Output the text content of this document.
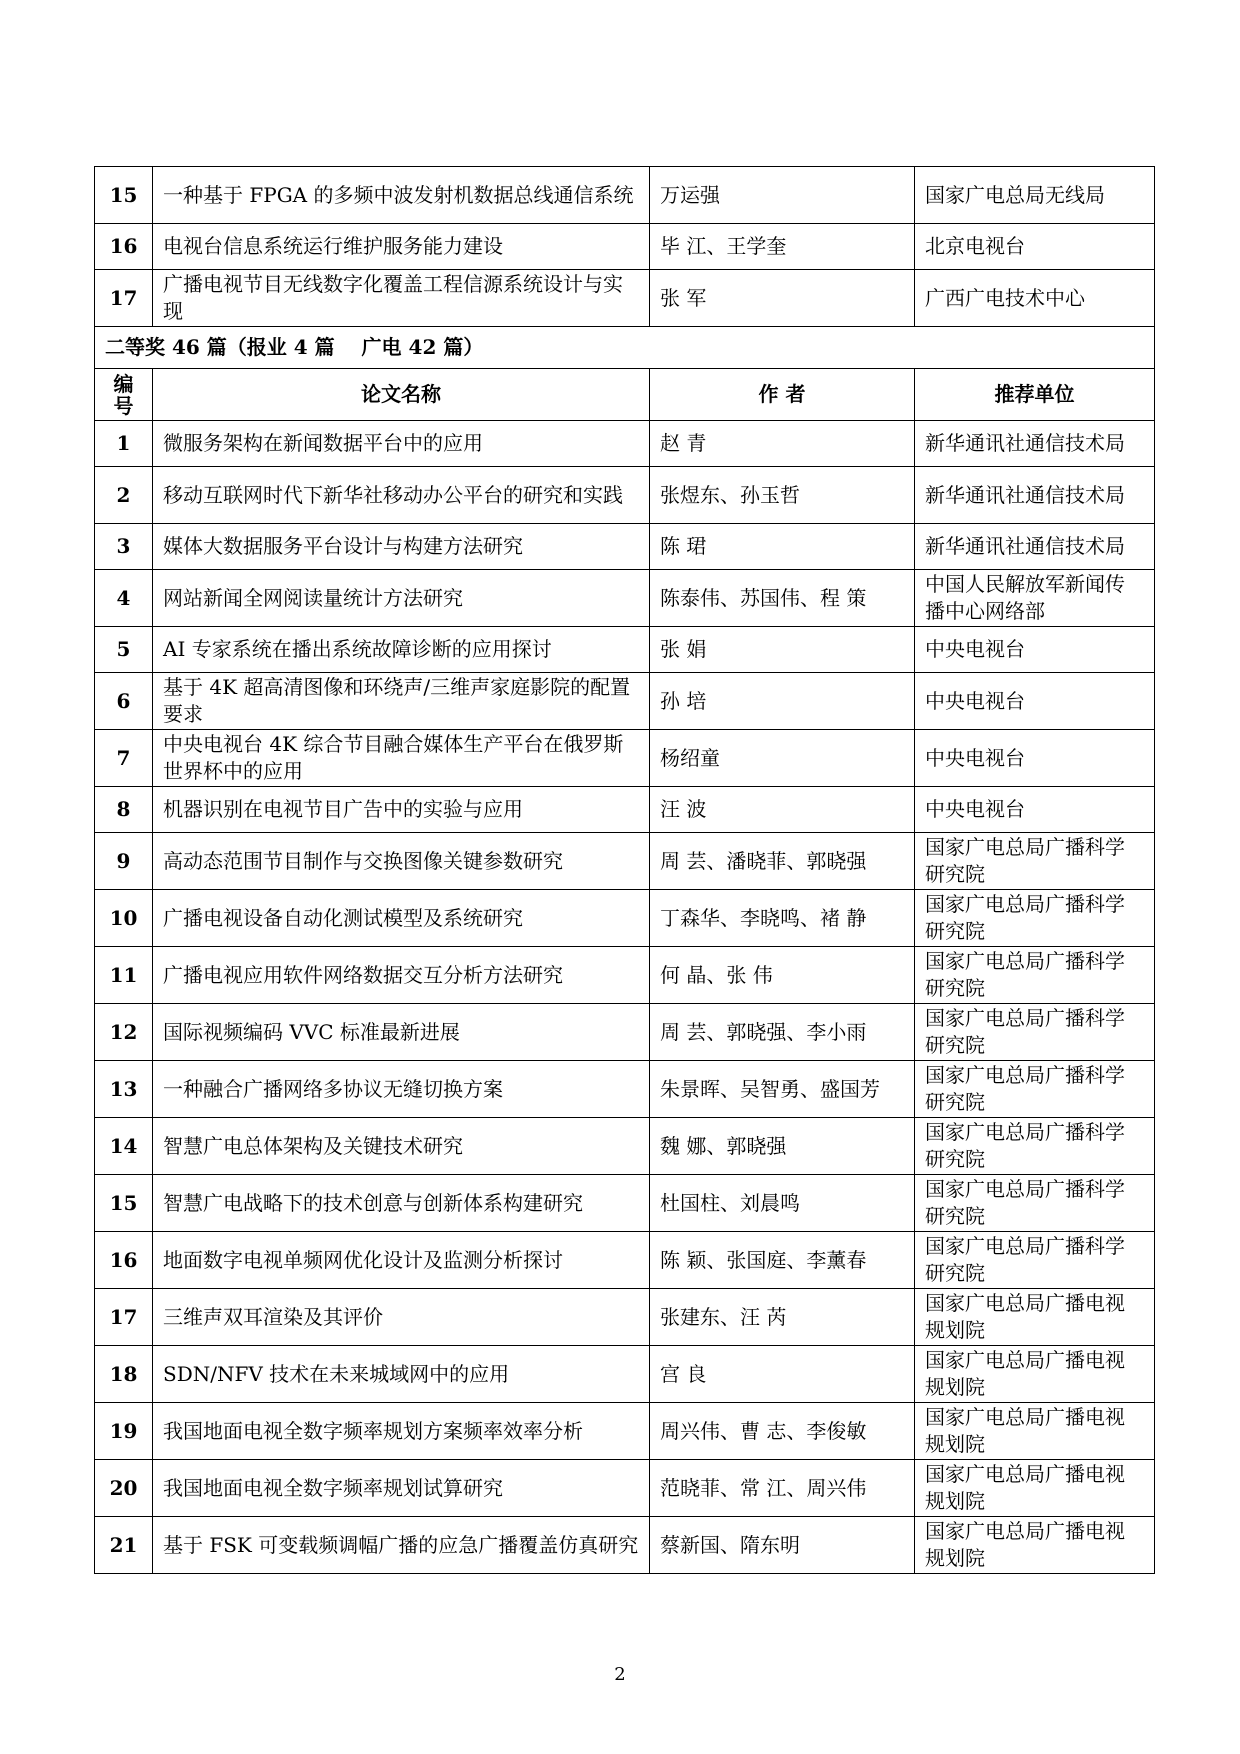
15	一种基于 FPGA 的多频中波发射机数据总线通信系统	万运强	国家广电总局无线局
16	电视台信息系统运行维护服务能力建设	毕 江、王学奎	北京电视台
17	广播电视节目无线数字化覆盖工程信源系统设计与实现	张 军	广西广电技术中心
二等奖 46 篇（报业 4 篇　 广电 42 篇）			
编号	论文名称	作 者	推荐单位
1	微服务架构在新闻数据平台中的应用	赵 青	新华通讯社通信技术局
2	移动互联网时代下新华社移动办公平台的研究和实践	张煜东、孙玉哲	新华通讯社通信技术局
3	媒体大数据服务平台设计与构建方法研究	陈 珺	新华通讯社通信技术局
4	网站新闻全网阅读量统计方法研究	陈泰伟、苏国伟、程 策	中国人民解放军新闻传播中心网络部
5	AI 专家系统在播出系统故障诊断的应用探讨	张 娟	中央电视台
6	基于 4K 超高清图像和环绕声/三维声家庭影院的配置要求	孙 培	中央电视台
7	中央电视台 4K 综合节目融合媒体生产平台在俄罗斯世界杯中的应用	杨绍童	中央电视台
8	机器识别在电视节目广告中的实验与应用	汪 波	中央电视台
9	高动态范围节目制作与交换图像关键参数研究	周 芸、潘晓菲、郭晓强	国家广电总局广播科学研究院
10	广播电视设备自动化测试模型及系统研究	丁森华、李晓鸣、褚 静	国家广电总局广播科学研究院
11	广播电视应用软件网络数据交互分析方法研究	何 晶、张 伟	国家广电总局广播科学研究院
12	国际视频编码 VVC 标准最新进展	周 芸、郭晓强、李小雨	国家广电总局广播科学研究院
13	一种融合广播网络多协议无缝切换方案	朱景晖、吴智勇、盛国芳	国家广电总局广播科学研究院
14	智慧广电总体架构及关键技术研究	魏 娜、郭晓强	国家广电总局广播科学研究院
15	智慧广电战略下的技术创意与创新体系构建研究	杜国柱、刘晨鸣	国家广电总局广播科学研究院
16	地面数字电视单频网优化设计及监测分析探讨	陈 颖、张国庭、李薰春	国家广电总局广播科学研究院
17	三维声双耳渲染及其评价	张建东、汪 芮	国家广电总局广播电视规划院
18	SDN/NFV 技术在未来城域网中的应用	宫 良	国家广电总局广播电视规划院
19	我国地面电视全数字频率规划方案频率效率分析	周兴伟、曹 志、李俊敏	国家广电总局广播电视规划院
20	我国地面电视全数字频率规划试算研究	范晓菲、常 江、周兴伟	国家广电总局广播电视规划院
21	基于 FSK 可变载频调幅广播的应急广播覆盖仿真研究	蔡新国、隋东明	国家广电总局广播电视规划院
2
